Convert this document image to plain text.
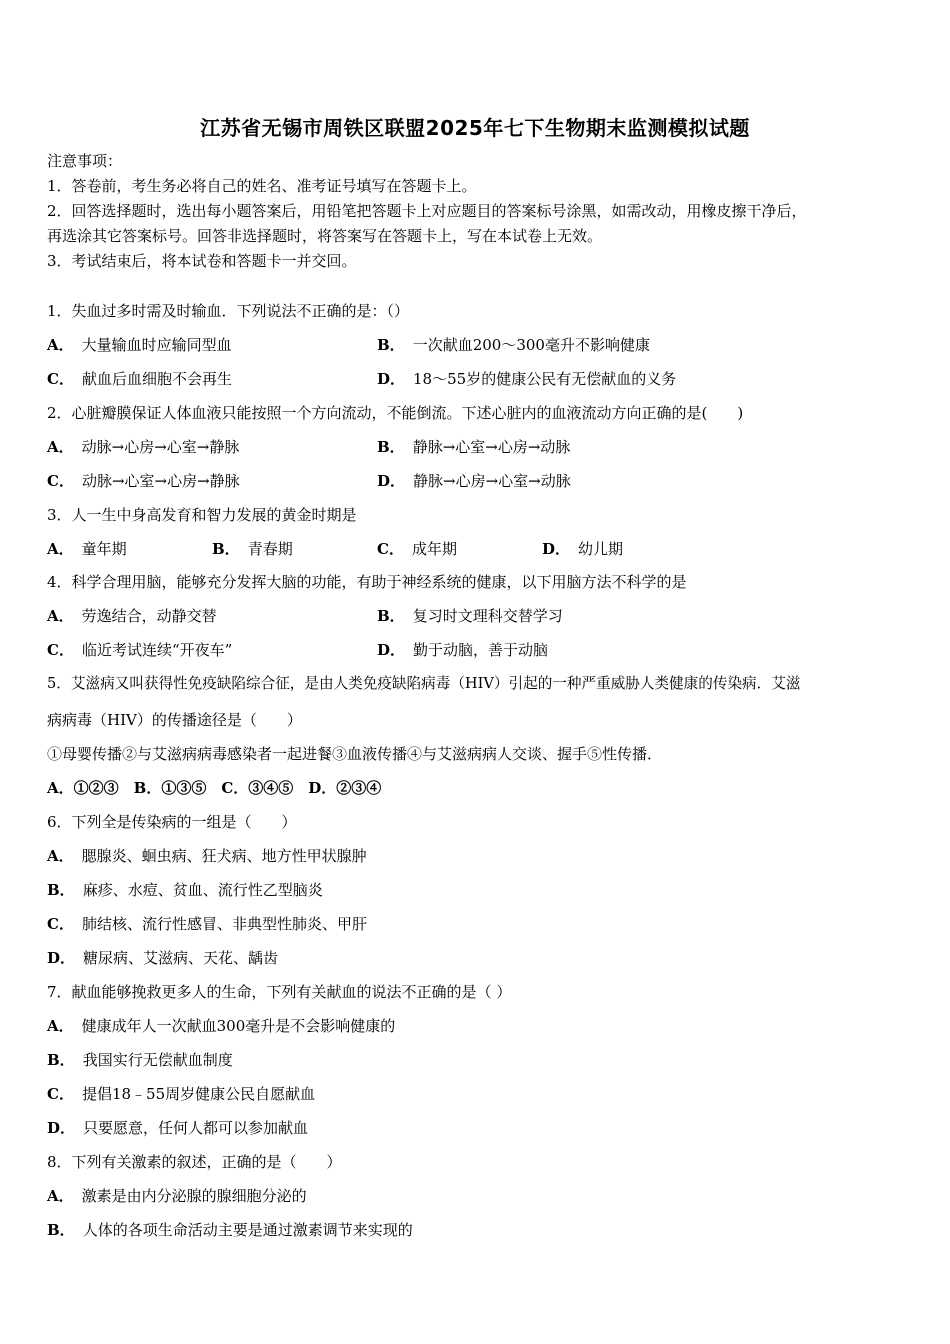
江苏省无锡市周铁区联盟2025年七下生物期末监测模拟试题
注意事项：
1．答卷前，考生务必将自己的姓名、准考证号填写在答题卡上。
2．回答选择题时，选出每小题答案后，用铅笔把答题卡上对应题目的答案标号涂黑，如需改动，用橡皮擦干净后，
再选涂其它答案标号。回答非选择题时，将答案写在答题卡上，写在本试卷上无效。
3．考试结束后，将本试卷和答题卡一并交回。
1．失血过多时需及时输血．下列说法不正确的是：（）
A． 大量输血时应输同型血	B． 一次献血200～300毫升不影响健康
C． 献血后血细胞不会再生	D． 18～55岁的健康公民有无偿献血的义务
2．心脏瓣膜保证人体血液只能按照一个方向流动，不能倒流。下述心脏内的血液流动方向正确的是(　　)
A． 动脉→心房→心室→静脉	B． 静脉→心室→心房→动脉
C． 动脉→心室→心房→静脉	D． 静脉→心房→心室→动脉
3．人一生中身高发育和智力发展的黄金时期是
A． 童年期	B． 青春期	C． 成年期	D． 幼儿期
4．科学合理用脑，能够充分发挥大脑的功能，有助于神经系统的健康，以下用脑方法不科学的是
A． 劳逸结合，动静交替	B． 复习时文理科交替学习
C． 临近考试连续“开夜车”	D． 勤于动脑，善于动脑
5．艾滋病又叫获得性免疫缺陷综合征，是由人类免疫缺陷病毒（HIV）引起的一种严重威胁人类健康的传染病．艾滋
病病毒（HIV）的传播途径是（　　）
①母婴传播②与艾滋病病毒感染者一起进餐③血液传播④与艾滋病病人交谈、握手⑤性传播．
A．①②③　B．①③⑤　C．③④⑤　D．②③④
6．下列全是传染病的一组是（　　）
A． 腮腺炎、蛔虫病、狂犬病、地方性甲状腺肿
B． 麻疹、水痘、贫血、流行性乙型脑炎
C． 肺结核、流行性感冒、非典型性肺炎、甲肝
D． 糖尿病、艾滋病、天花、龋齿
7．献血能够挽救更多人的生命，下列有关献血的说法不正确的是（ ）
A． 健康成年人一次献血300毫升是不会影响健康的
B． 我国实行无偿献血制度
C． 提倡18﹣55周岁健康公民自愿献血
D． 只要愿意，任何人都可以参加献血
8．下列有关激素的叙述，正确的是（　　）
A． 激素是由内分泌腺的腺细胞分泌的
B． 人体的各项生命活动主要是通过激素调节来实现的
